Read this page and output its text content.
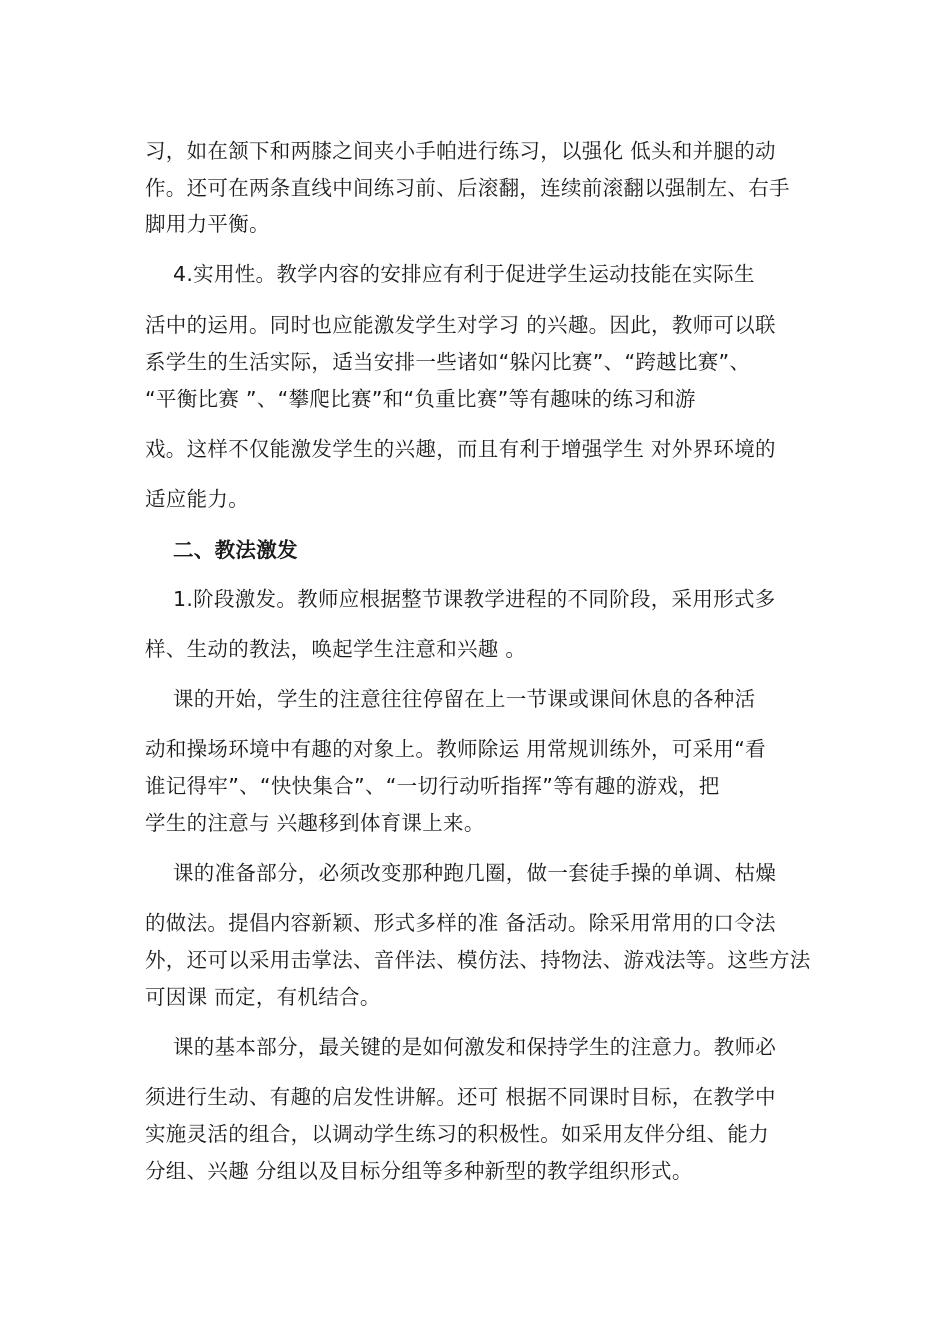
习，如在颔下和两膝之间夹小手帕进行练习，以强化 低头和并腿的动
作。还可在两条直线中间练习前、后滚翻，连续前滚翻以强制左、右手
脚用力平衡。
4.实用性。教学内容的安排应有利于促进学生运动技能在实际生
活中的运用。同时也应能激发学生对学习 的兴趣。因此，教师可以联
系学生的生活实际，适当安排一些诸如“躲闪比赛”、“跨越比赛”、
“平衡比赛 ”、“攀爬比赛”和“负重比赛”等有趣味的练习和游
戏。这样不仅能激发学生的兴趣，而且有利于增强学生 对外界环境的
适应能力。
二、教法激发
1.阶段激发。教师应根据整节课教学进程的不同阶段，采用形式多
样、生动的教法，唤起学生注意和兴趣 。
课的开始，学生的注意往往停留在上一节课或课间休息的各种活
动和操场环境中有趣的对象上。教师除运 用常规训练外，可采用“看
谁记得牢”、“快快集合”、“一切行动听指挥”等有趣的游戏，把
学生的注意与 兴趣移到体育课上来。
课的准备部分，必须改变那种跑几圈，做一套徒手操的单调、枯燥
的做法。提倡内容新颖、形式多样的准 备活动。除采用常用的口令法
外，还可以采用击掌法、音伴法、模仿法、持物法、游戏法等。这些方法
可因课 而定，有机结合。
课的基本部分，最关键的是如何激发和保持学生的注意力。教师必
须进行生动、有趣的启发性讲解。还可 根据不同课时目标，在教学中
实施灵活的组合，以调动学生练习的积极性。如采用友伴分组、能力
分组、兴趣 分组以及目标分组等多种新型的教学组织形式。
